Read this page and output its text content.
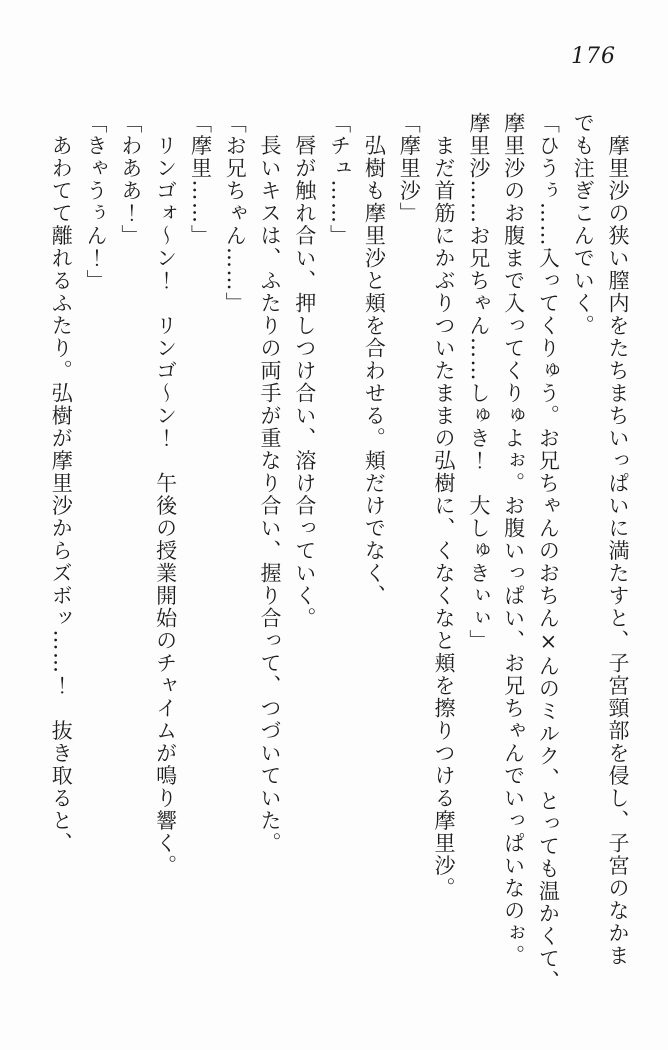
176
　摩里沙の狭い膣内をたちまちいっぱいに満たすと、子宮頸部を侵し、子宮のなかま
でも注ぎこんでいく。
「ひうぅ……入ってくりゅう。お兄ちゃんのおちん×んのミルク、とっても温かくて、
摩里沙のお腹まで入ってくりゅよぉ。お腹いっぱい、お兄ちゃんでいっぱいなのぉ。
摩里沙……お兄ちゃん……しゅき！　大しゅきぃぃ」
　まだ首筋にかぶりついたままの弘樹に、くなくなと頬を擦りつける摩里沙。
「摩里沙」
　弘樹も摩里沙と頬を合わせる。頬だけでなく、
「チュ……」
　唇が触れ合い、押しつけ合い、溶け合っていく。
　長いキスは、ふたりの両手が重なり合い、握り合って、つづいていた。
「お兄ちゃん……」
「摩里……」
　リンゴォ〜ン！　リンゴ〜ン！　午後の授業開始のチャイムが鳴り響く。
「わああ！」
「きゃうぅん！」
　あわてて離れるふたり。弘樹が摩里沙からズボッ……！　抜き取ると、
